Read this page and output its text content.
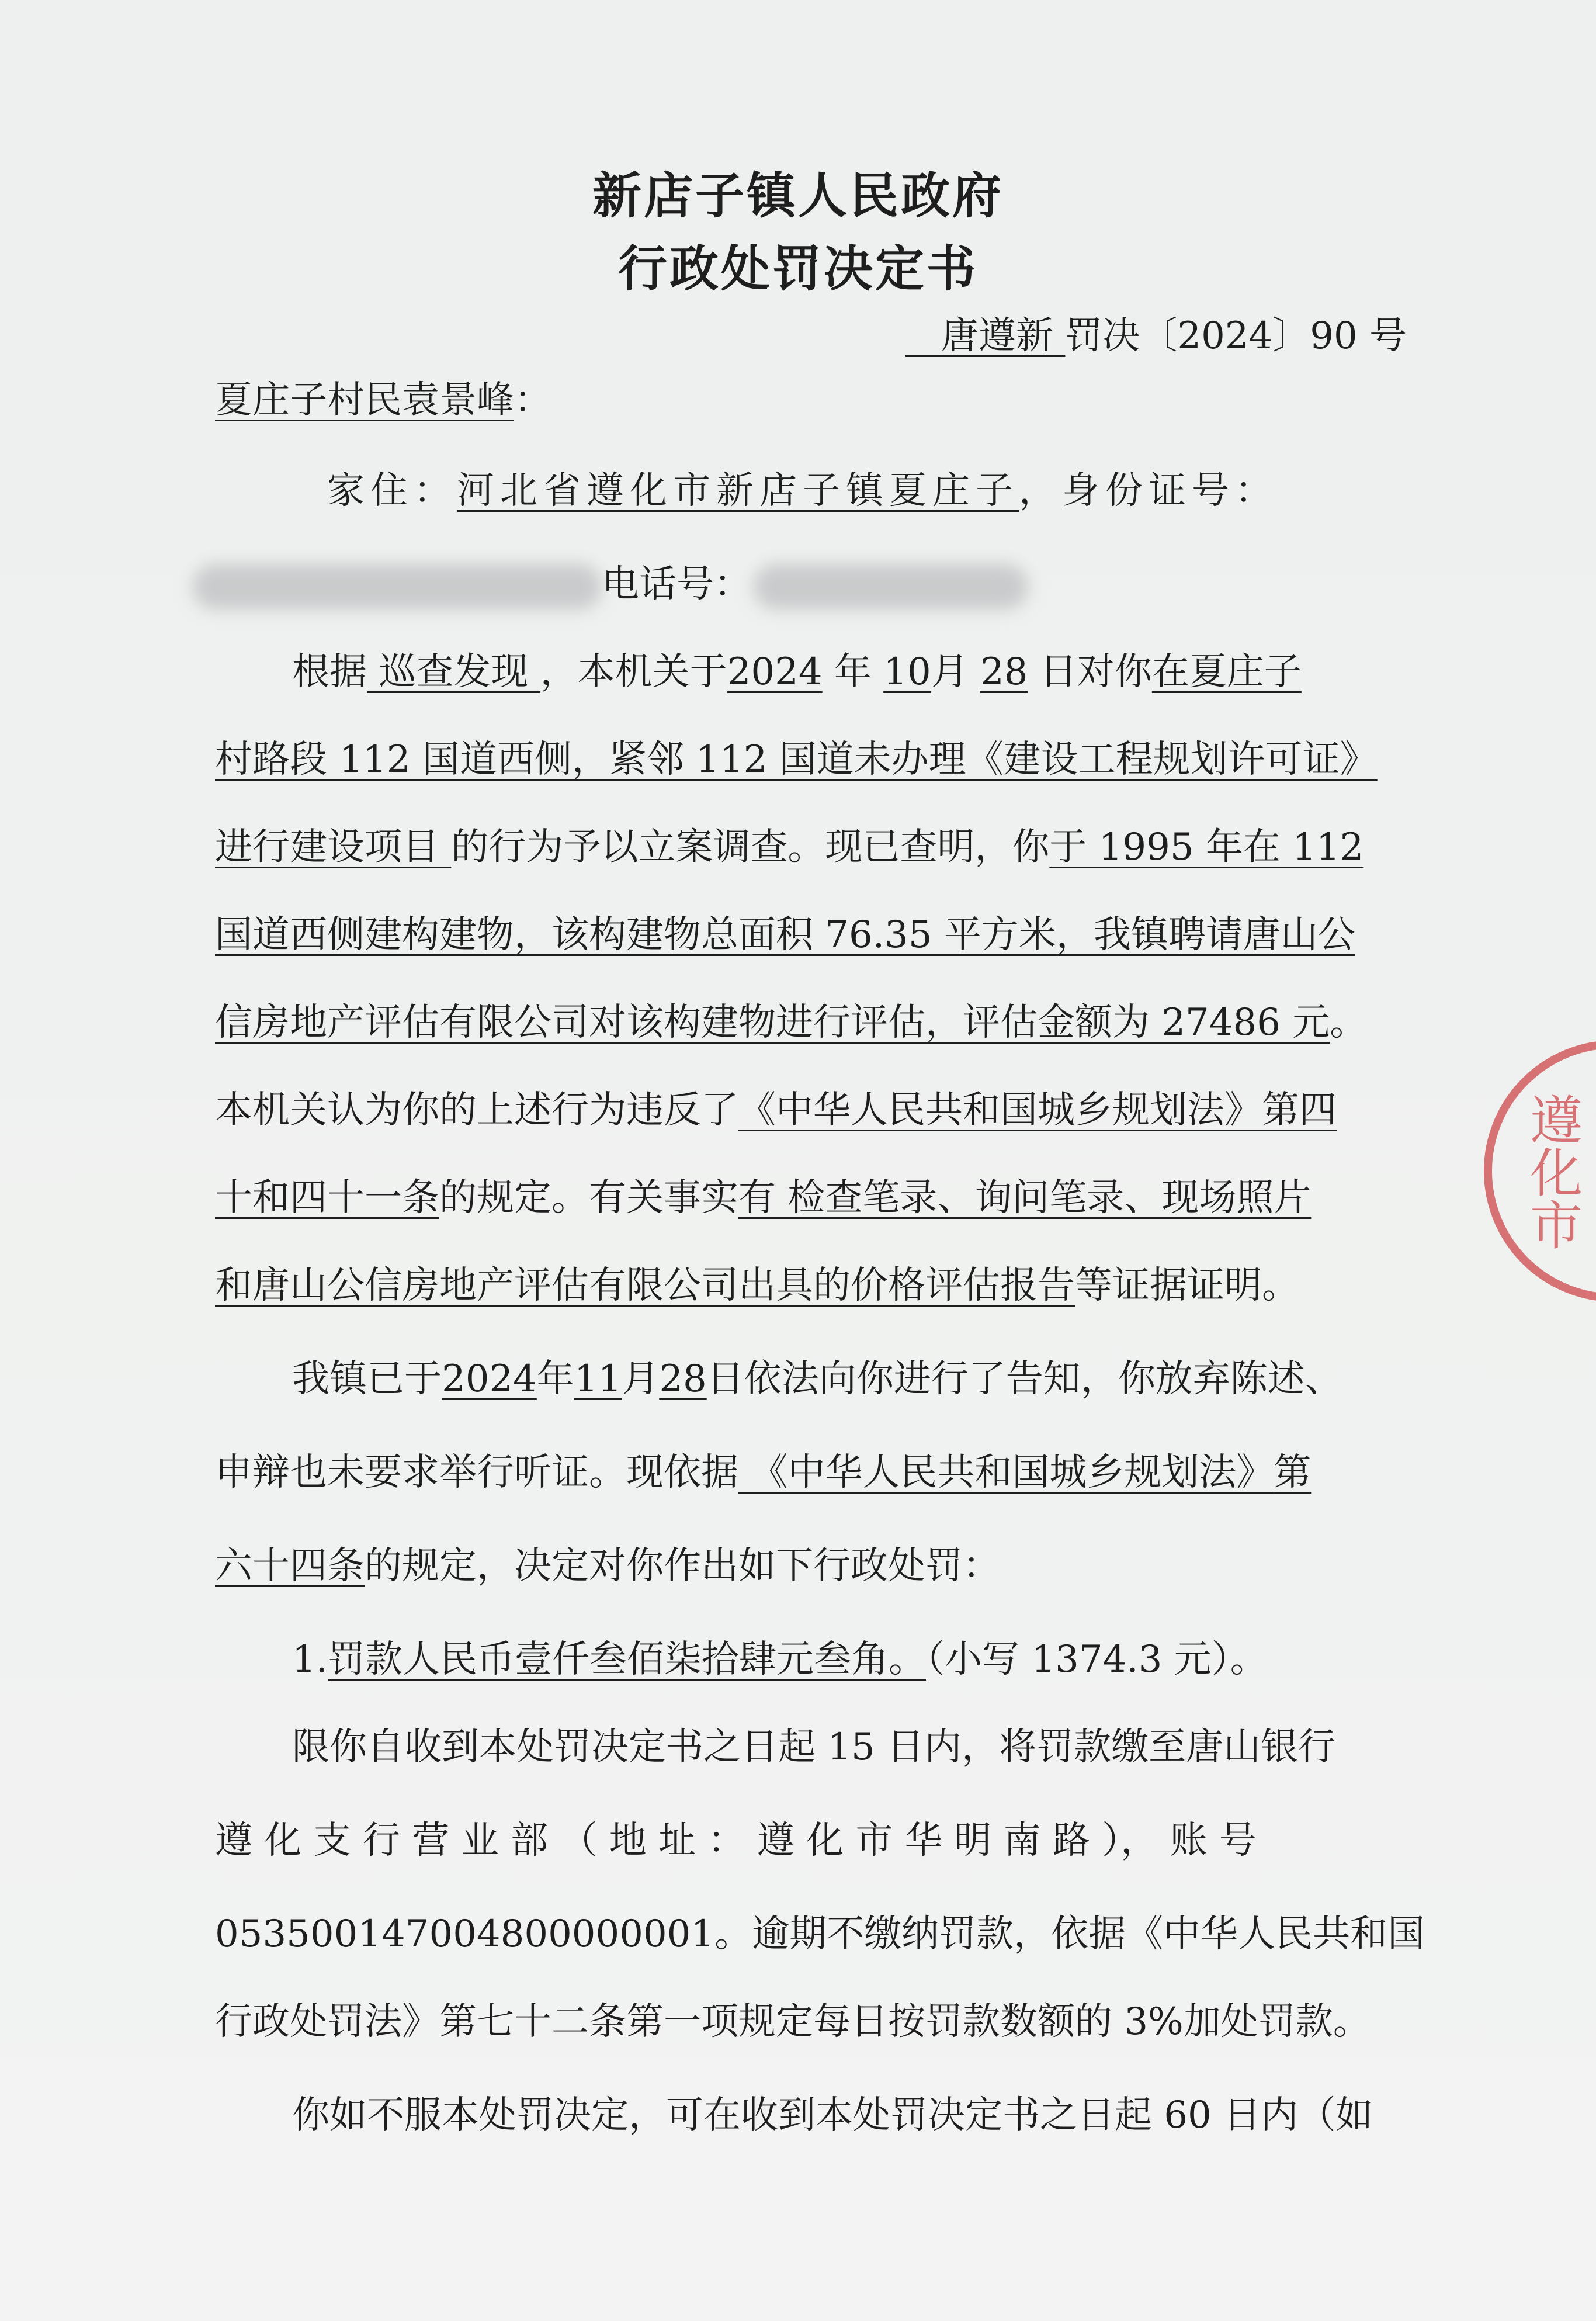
新店子镇人民政府
行政处罚决定书
唐遵新 罚决〔2024〕90 号
夏庄子村民袁景峰：
家住：河北省遵化市新店子镇夏庄子，身份证号：
电话号：
根据 巡查发现 ，本机关于2024 年 10月 28 日对你在夏庄子
村路段 112 国道西侧，紧邻 112 国道未办理《建设工程规划许可证》
进行建设项目 的行为予以立案调查。现已查明，你于 1995 年在 112
国道西侧建构建物，该构建物总面积 76.35 平方米，我镇聘请唐山公
信房地产评估有限公司对该构建物进行评估，评估金额为 27486 元。
本机关认为你的上述行为违反了《中华人民共和国城乡规划法》第四
十和四十一条的规定。有关事实有 检查笔录、询问笔录、现场照片
和唐山公信房地产评估有限公司出具的价格评估报告等证据证明。
我镇已于2024年11月28日依法向你进行了告知，你放弃陈述、
申辩也未要求举行听证。现依据 《中华人民共和国城乡规划法》第
六十四条的规定，决定对你作出如下行政处罚：
1.罚款人民币壹仟叁佰柒拾肆元叁角。（小写 1374.3 元）。
限你自收到本处罚决定书之日起 15 日内，将罚款缴至唐山银行
遵 化 支 行 营 业 部 （ 地 址 ： 遵 化 市 华 明 南 路 ）， 账 号
053500147004800000001。逾期不缴纳罚款，依据《中华人民共和国
行政处罚法》第七十二条第一项规定每日按罚款数额的 3%加处罚款。
你如不服本处罚决定，可在收到本处罚决定书之日起 60 日内（如
遵化市
